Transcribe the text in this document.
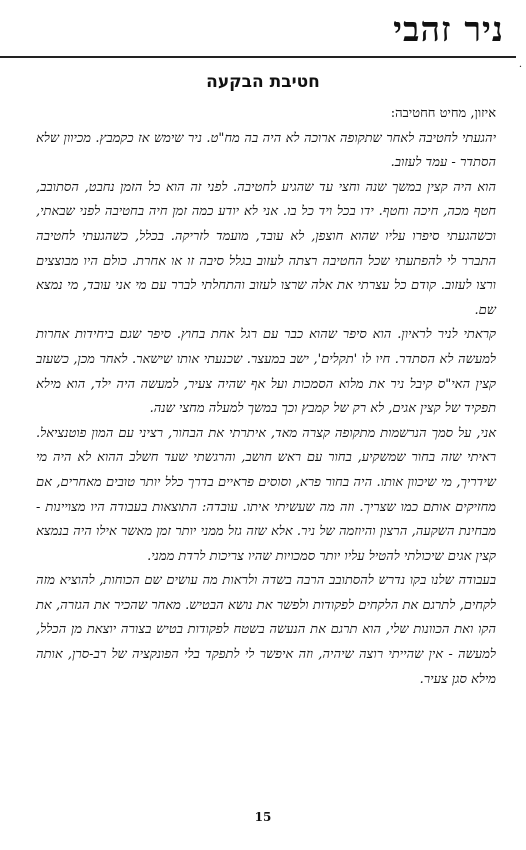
ניר זהבי
.
חטיבת הבקעה

איזון, מחיט חחטיבה:

יהגעתי לחטיבה לאחר שתקופה ארוכה לא היה בה מח"ט. ניר שימש אז כקמבץ. מכיוון שלא הסתדר - עמד לעזוב.

הוא היה קצין במשך שנה וחצי עד שהגיע לחטיבה. לפני זה הוא כל הזמן נחבט, הסתובב, חטף מכה, חיכה וחטף. ידו בכל ויד כל בו. אני לא יודע כמה זמן חיה בחטיבה לפני שבאתי, וכשהגעתי סיפרו עליו שהוא חוצפן, לא עובד, מועמד לזריקה. בכלל, כשהגעתי לחטיבה התברר לי להפתעתי שכל החטיבה רצתה לעזוב בגלל סיבה זו או אחרת. כולם היו מבוצצים ורצו לעזוב. קודם כל עצרתי את אלה שרצו לעזוב והתחלתי לברר עם מי אני עובד, מי נמצא שם.

קראתי לניר לראיון. הוא סיפר שהוא כבר עם רגל אחת בחוץ. סיפר שגם ביחידות אחרות למעשה לא הסתדר. חיו לו 'תקלים', ישב במעצר. שכנעתי אותו שישאר. לאחר מכן, כשעזב קצין האי"ס קיבל ניר את מלוא הסמכות ועל אף שהיה צעיר, למעשה היה ילד, הוא מילא תפקיד של קצין אגים, לא רק של קמבץ וכך במשך למעלה מחצי שנה.

אני, על סמך הנרשמות מתקופה קצרה מאד, איתרתי את הבחור, רציני עם המון פוטנציאל. ראיתי שזה בחור שמשקיע, בחור עם ראש חושב, והרגשתי שעד חשלב ההוא לא היה מי שידריך, מי שיכוון אותו. היה בחור פרא, וסוסים פראיים בדרך כלל יותר טובים מאחרים, אם מחזיקים אותם כמו שצריך. וזה מה שעשיתי איתו. עובדה: התוצאות בעבודה היו מצויינות - מבחינת השקעה, הרצון והיוזמה של ניר. אלא שזה גזל ממני יותר זמן מאשר אילו היה בנמצא קצין אגים שיכולתי להטיל עליו יותר סמכויות שהיו צריכות לרדת ממני.

בעבודה שלנו בקו נדרש להסתובב הרבה בשדה ולראות מה עושים שם הכוחות, להוציא מזה לקחים, לתרגם את הלקחים לפקודות ולפשר את נושא הבטיש. מאחר שהכיר את הגזרה, את הקו ואת הכוונות שלי, הוא תרגם את הנעשה בשטח לפקודות בטיש בצורה יוצאת מן הכלל, למעשה - אין שהייתי רוצה שיהיה, וזה איפשר לי לתפקד בלי הפונקציה של רב-סרן, אותה מילא סגן צעיר.

15
